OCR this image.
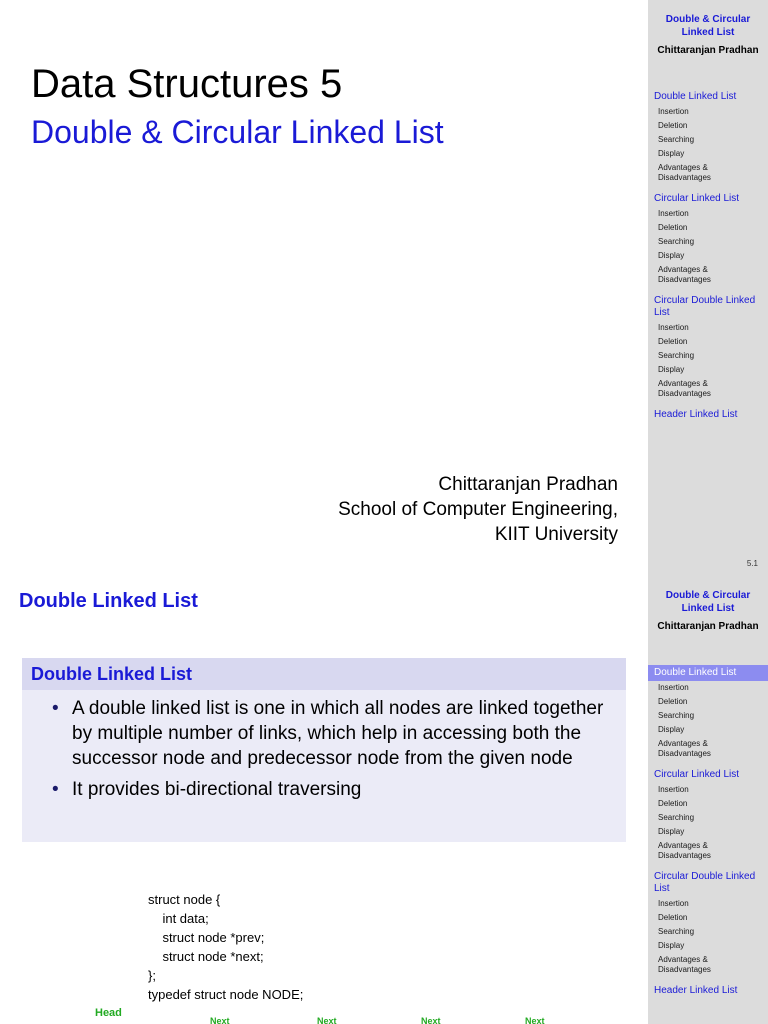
Data Structures 5
Double & Circular Linked List
Chittaranjan Pradhan
School of Computer Engineering,
KIIT University
Double & Circular
Linked List
Chittaranjan Pradhan
Double Linked List
Insertion
Deletion
Searching
Display
Advantages &
Disadvantages
Circular Linked List
Insertion
Deletion
Searching
Display
Advantages &
Disadvantages
Circular Double Linked
List
Insertion
Deletion
Searching
Display
Advantages &
Disadvantages
Header Linked List
5.1
Double Linked List
Double Linked List
• A double linked list is one in which all nodes are linked together by multiple number of links, which help in accessing both the successor node and predecessor node from the given node
• It provides bi-directional traversing
struct node {
int data;
struct node *prev;
struct node *next;
};
typedef struct node NODE;
Head
Next	Next	Next	Next
Double & Circular
Linked List
Chittaranjan Pradhan
Double Linked List
Insertion
Deletion
Searching
Display
Advantages &
Disadvantages
Circular Linked List
Insertion
Deletion
Searching
Display
Advantages &
Disadvantages
Circular Double Linked
List
Insertion
Deletion
Searching
Display
Advantages &
Disadvantages
Header Linked List
